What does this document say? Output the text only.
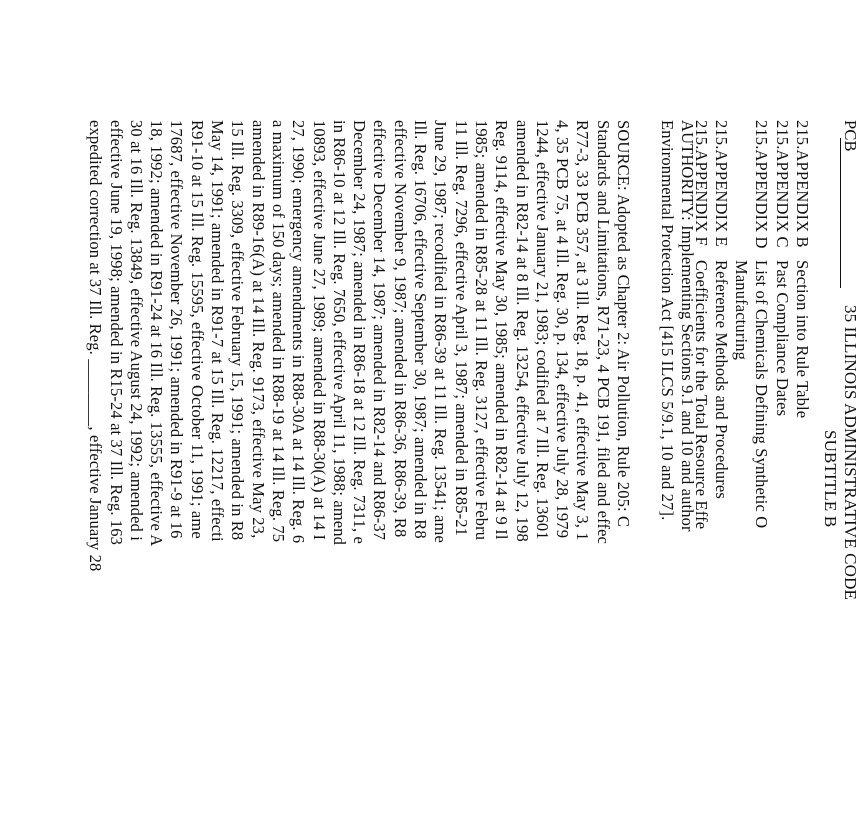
PCB
35 ILLINOIS ADMINISTRATIVE CODE
SUBTITLE B
215.APPENDIX B
Section into Rule Table
215.APPENDIX C
Past Compliance Dates
215.APPENDIX D
List of Chemicals Defining Synthetic O
Manufacturing
215.APPENDIX E
Reference Methods and Procedures
215.APPENDIX F
Coefficients for the Total Resource Effe
AUTHORITY: Implementing Sections 9.1 and 10 and author
Environmental Protection Act [415 ILCS 5/9.1, 10 and 27].
SOURCE: Adopted as Chapter 2: Air Pollution, Rule 205: C
Standards and Limitations, R71-23, 4 PCB 191, filed and effec
R77-3, 33 PCB 357, at 3 Ill. Reg. 18, p. 41, effective May 3, 1
4, 35 PCB 75, at 4 Ill. Reg. 30, p. 134, effective July 28, 1979
1244, effective January 21, 1983; codified at 7 Ill. Reg. 13601
amended in R82-14 at 8 Ill. Reg. 13254, effective July 12, 198
Reg. 9114, effective May 30, 1985; amended in R82-14 at 9 Il
1985; amended in R85-28 at 11 Ill. Reg. 3127, effective Febru
11 Ill. Reg. 7296, effective April 3, 1987; amended in R85-21
June 29, 1987; recodified in R86-39 at 11 Ill. Reg. 13541; ame
Ill. Reg. 16706, effective September 30, 1987; amended in R8
effective November 9, 1987; amended in R86-36, R86-39, R8
effective December 14, 1987; amended in R82-14 and R86-37
December 24, 1987; amended in R86-18 at 12 Ill. Reg. 7311, e
in R86-10 at 12 Ill. Reg. 7650, effective April 11, 1988; amend
10893, effective June 27, 1989; amended in R88-30(A) at 14 I
27, 1990; emergency amendments in R88-30A at 14 Ill. Reg. 6
a maximum of 150 days; amended in R88-19 at 14 Ill. Reg. 75
amended in R89-16(A) at 14 Ill. Reg. 9173, effective May 23,
15 Ill. Reg. 3309, effective February 15, 1991; amended in R8
May 14, 1991; amended in R91-7 at 15 Ill. Reg. 12217, effecti
R91-10 at 15 Ill. Reg. 15595, effective October 11, 1991; ame
17687, effective November 26, 1991; amended in R91-9 at 16
18, 1992; amended in R91-24 at 16 Ill. Reg. 13555, effective A
30 at 16 Ill. Reg. 13849, effective August 24, 1992; amended i
effective June 19, 1998; amended in R15-24 at 37 Ill. Reg. 163
expedited correction at 37 Ill. Reg. ________, effective January 28
